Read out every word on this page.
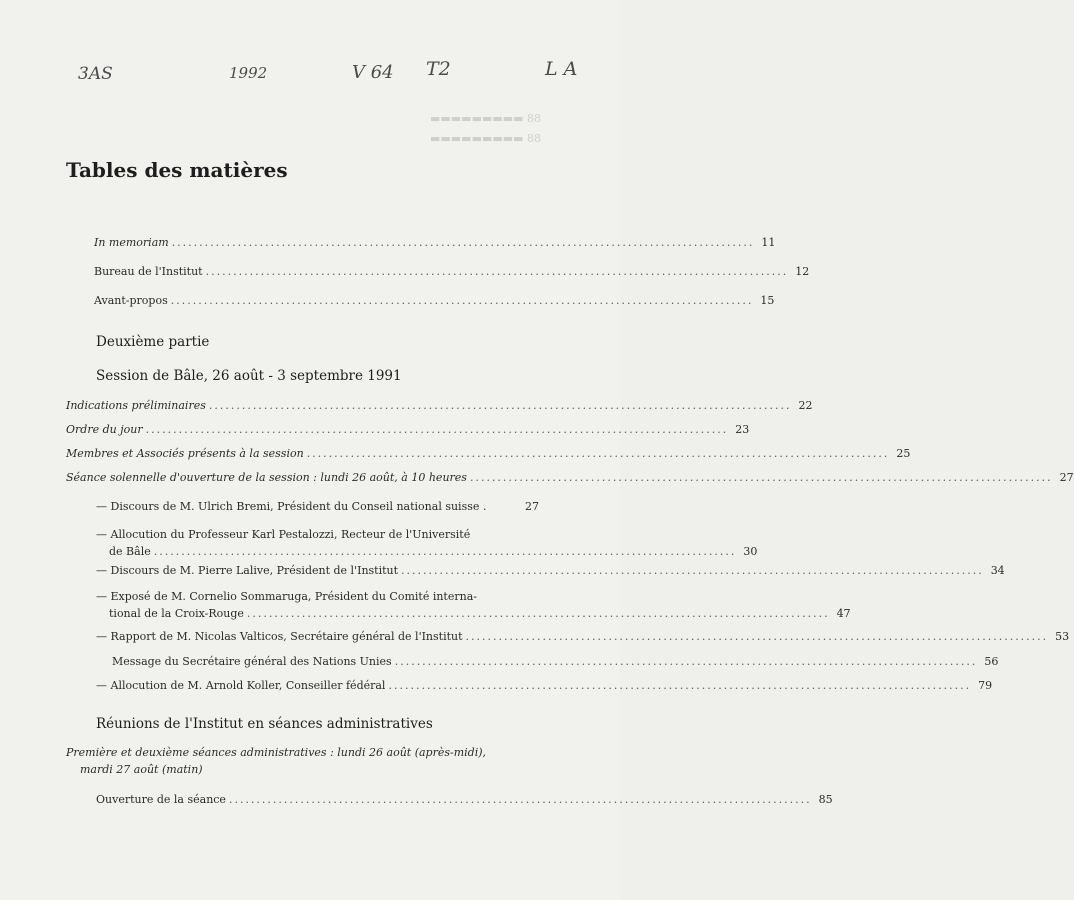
▬▬▬▬▬▬▬▬▬ 88
▬▬▬▬▬▬▬▬▬ 88
3AS	1992	V 64 T2	L A
Tables des matières
In memoriam .......................................................................................................... 11
Bureau de l'Institut .......................................................................................................... 12
Avant-propos .......................................................................................................... 15
Deuxième partie
Session de Bâle, 26 août - 3 septembre 1991
Indications préliminaires .......................................................................................................... 22
Ordre du jour .......................................................................................................... 23
Membres et Associés présents à la session .......................................................................................................... 25
Séance solennelle d'ouverture de la session : lundi 26 août, à 10 heures .......................................................................................................... 27
— Discours de M. Ulrich Bremi, Président du Conseil national suisse .	27
— Allocution du Professeur Karl Pestalozzi, Recteur de l'Université
de Bâle .......................................................................................................... 30
— Discours de M. Pierre Lalive, Président de l'Institut .......................................................................................................... 34
— Exposé de M. Cornelio Sommaruga, Président du Comité interna-
tional de la Croix-Rouge .......................................................................................................... 47
— Rapport de M. Nicolas Valticos, Secrétaire général de l'Institut .......................................................................................................... 53
Message du Secrétaire général des Nations Unies .......................................................................................................... 56
— Allocution de M. Arnold Koller, Conseiller fédéral .......................................................................................................... 79
Réunions de l'Institut en séances administratives
Première et deuxième séances administratives : lundi 26 août (après-midi),
mardi 27 août (matin)
Ouverture de la séance .......................................................................................................... 85
